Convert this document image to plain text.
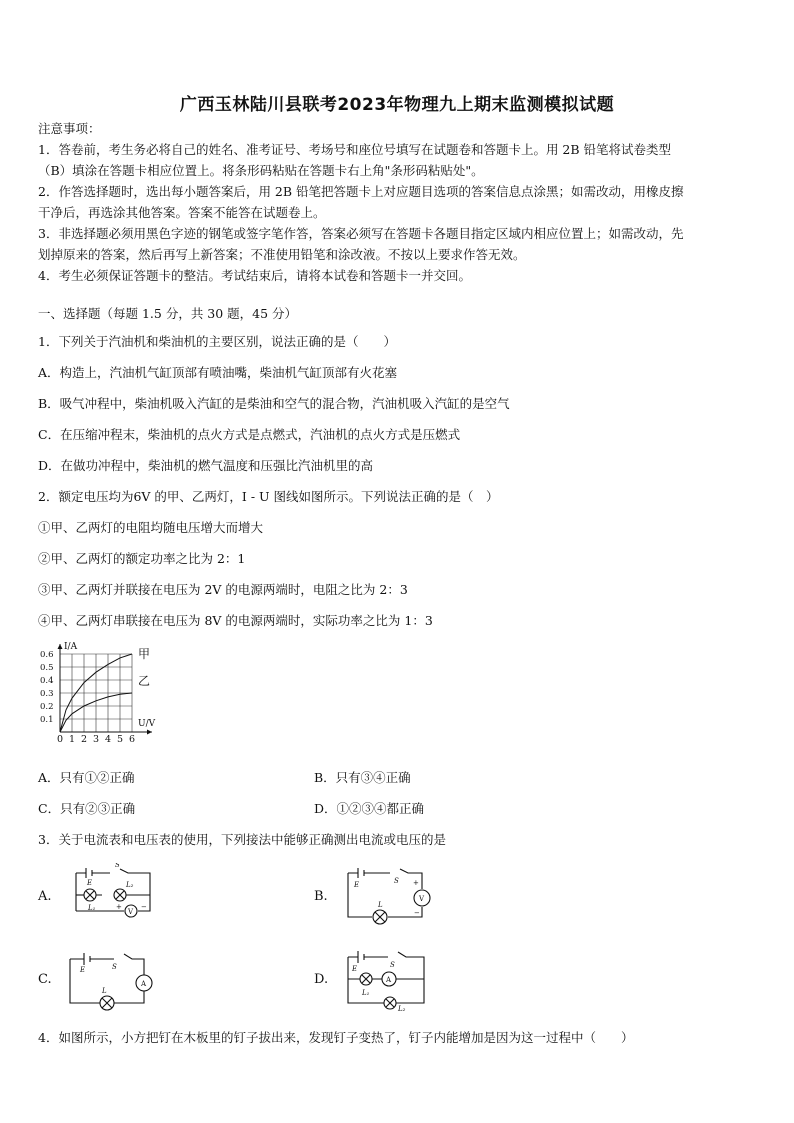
广西玉林陆川县联考2023年物理九上期末监测模拟试题
注意事项：
1．答卷前，考生务必将自己的姓名、准考证号、考场号和座位号填写在试题卷和答题卡上。用 2B 铅笔将试卷类型
（B）填涂在答题卡相应位置上。将条形码粘贴在答题卡右上角"条形码粘贴处"。
2．作答选择题时，选出每小题答案后，用 2B 铅笔把答题卡上对应题目选项的答案信息点涂黑；如需改动，用橡皮擦
干净后，再选涂其他答案。答案不能答在试题卷上。
3．非选择题必须用黑色字迹的钢笔或签字笔作答，答案必须写在答题卡各题目指定区域内相应位置上；如需改动，先
划掉原来的答案，然后再写上新答案；不准使用铅笔和涂改液。不按以上要求作答无效。
4．考生必须保证答题卡的整洁。考试结束后，请将本试卷和答题卡一并交回。
一、选择题（每题 1.5 分，共 30 题，45 分）
1．下列关于汽油机和柴油机的主要区别，说法正确的是（　　）
A．构造上，汽油机气缸顶部有喷油嘴，柴油机气缸顶部有火花塞
B．吸气冲程中，柴油机吸入汽缸的是柴油和空气的混合物，汽油机吸入汽缸的是空气
C．在压缩冲程末，柴油机的点火方式是点燃式，汽油机的点火方式是压燃式
D．在做功冲程中，柴油机的燃气温度和压强比汽油机里的高
2．额定电压均为6V 的甲、乙两灯，I - U 图线如图所示。下列说法正确的是（　）
①甲、乙两灯的电阻均随电压增大而增大
②甲、乙两灯的额定功率之比为 2：1
③甲、乙两灯并联接在电压为 2V 的电源两端时，电阻之比为 2：3
④甲、乙两灯串联接在电压为 8V 的电源两端时，实际功率之比为 1：3
0 1 2 3 4 5 6
0.1
0.2
0.3
0.4
0.5
0.6
I/A
U/V
甲
乙
A．只有①②正确	B．只有③④正确
C．只有②③正确	D．①②③④都正确
3．关于电流表和电压表的使用，下列接法中能够正确测出电流或电压的是
A.
E
S
L₂
L₁	V
+	−
B.
E	S
L
V
+
−
C.
E	S
L
A	D.
E	S
A
L₁
L₂
4．如图所示，小方把钉在木板里的钉子拔出来，发现钉子变热了，钉子内能增加是因为这一过程中（　　）
